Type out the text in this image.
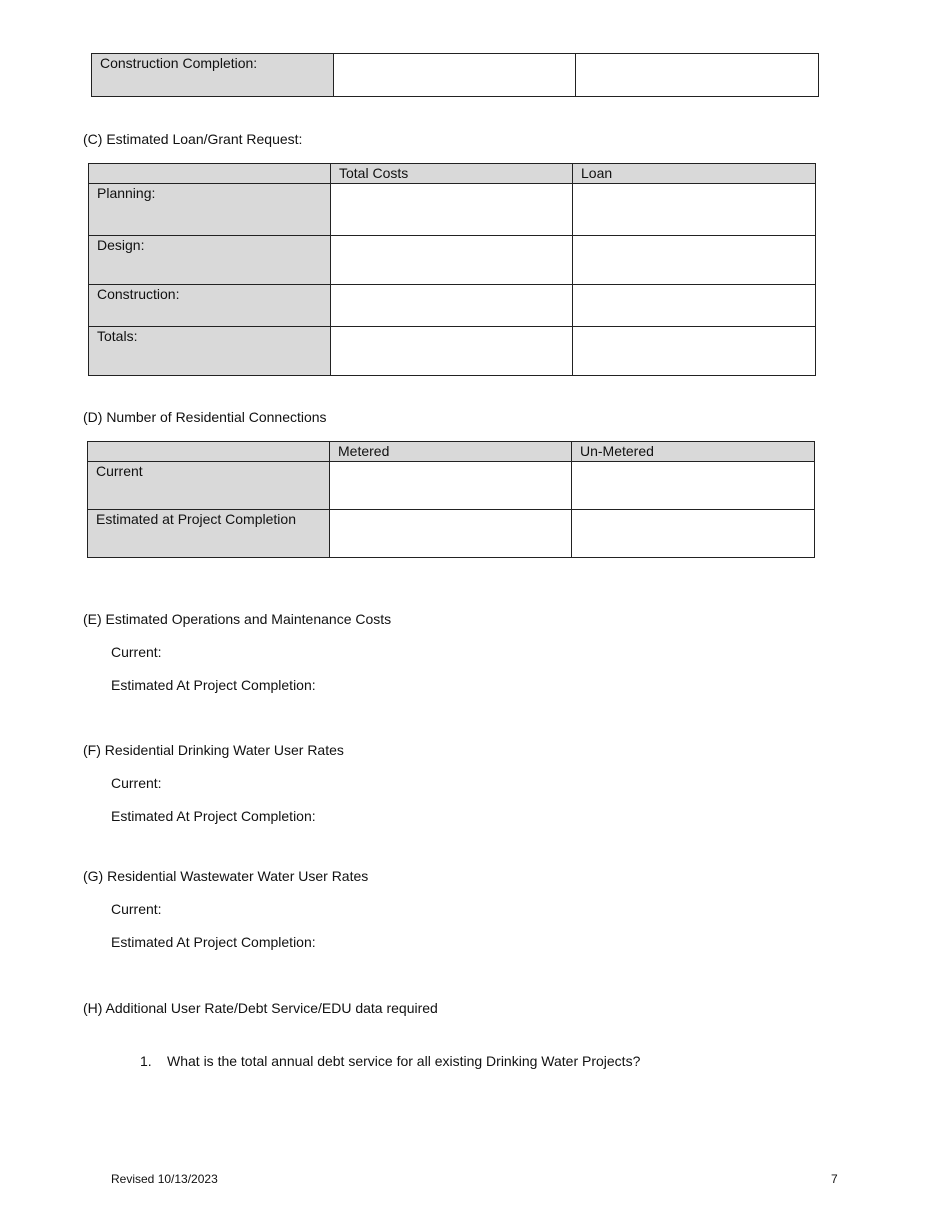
Construction Completion:		
(C) Estimated Loan/Grant Request:
	Total Costs	Loan
Planning:		
Design:		
Construction:		
Totals:		
(D) Number of Residential Connections
	Metered	Un-Metered
Current		
Estimated at Project Completion		
(E) Estimated Operations and Maintenance Costs
Current:
Estimated At Project Completion:
(F) Residential Drinking Water User Rates
Current:
Estimated At Project Completion:
(G) Residential Wastewater Water User Rates
Current:
Estimated At Project Completion:
(H) Additional User Rate/Debt Service/EDU data required
1. What is the total annual debt service for all existing Drinking Water Projects?
Revised 10/13/2023	7
